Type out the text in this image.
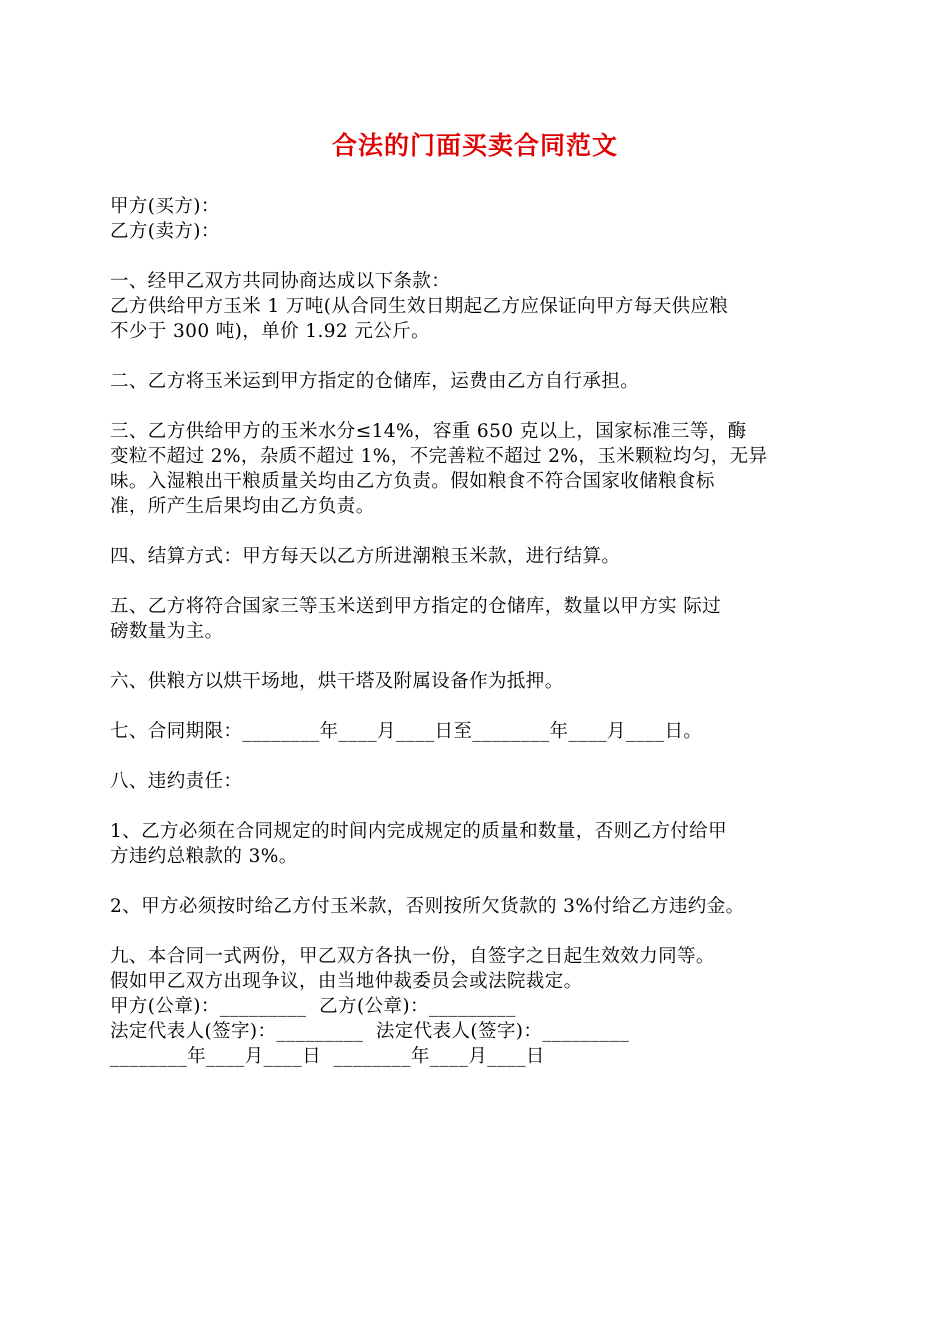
合法的门面买卖合同范文
甲方(买方)：
乙方(卖方)：
一、经甲乙双方共同协商达成以下条款：
乙方供给甲方玉米 1 万吨(从合同生效日期起乙方应保证向甲方每天供应粮
不少于 300 吨)，单价 1.92 元公斤。
二、乙方将玉米运到甲方指定的仓储库，运费由乙方自行承担。
三、乙方供给甲方的玉米水分≤14%，容重 650 克以上，国家标准三等，酶
变粒不超过 2%，杂质不超过 1%，不完善粒不超过 2%，玉米颗粒均匀，无异
味。入湿粮出干粮质量关均由乙方负责。假如粮食不符合国家收储粮食标
准，所产生后果均由乙方负责。
四、结算方式：甲方每天以乙方所进潮粮玉米款，进行结算。
五、乙方将符合国家三等玉米送到甲方指定的仓储库，数量以甲方实 际过
磅数量为主。
六、供粮方以烘干场地，烘干塔及附属设备作为抵押。
七、合同期限：________年____月____日至________年____月____日。
八、违约责任：
1、乙方必须在合同规定的时间内完成规定的质量和数量，否则乙方付给甲
方违约总粮款的 3%。
2、甲方必须按时给乙方付玉米款，否则按所欠货款的 3%付给乙方违约金。
九、本合同一式两份，甲乙双方各执一份，自签字之日起生效效力同等。
假如甲乙双方出现争议，由当地仲裁委员会或法院裁定。
甲方(公章)：_________  乙方(公章)：_________
法定代表人(签字)：_________  法定代表人(签字)：_________
________年____月____日  ________年____月____日
